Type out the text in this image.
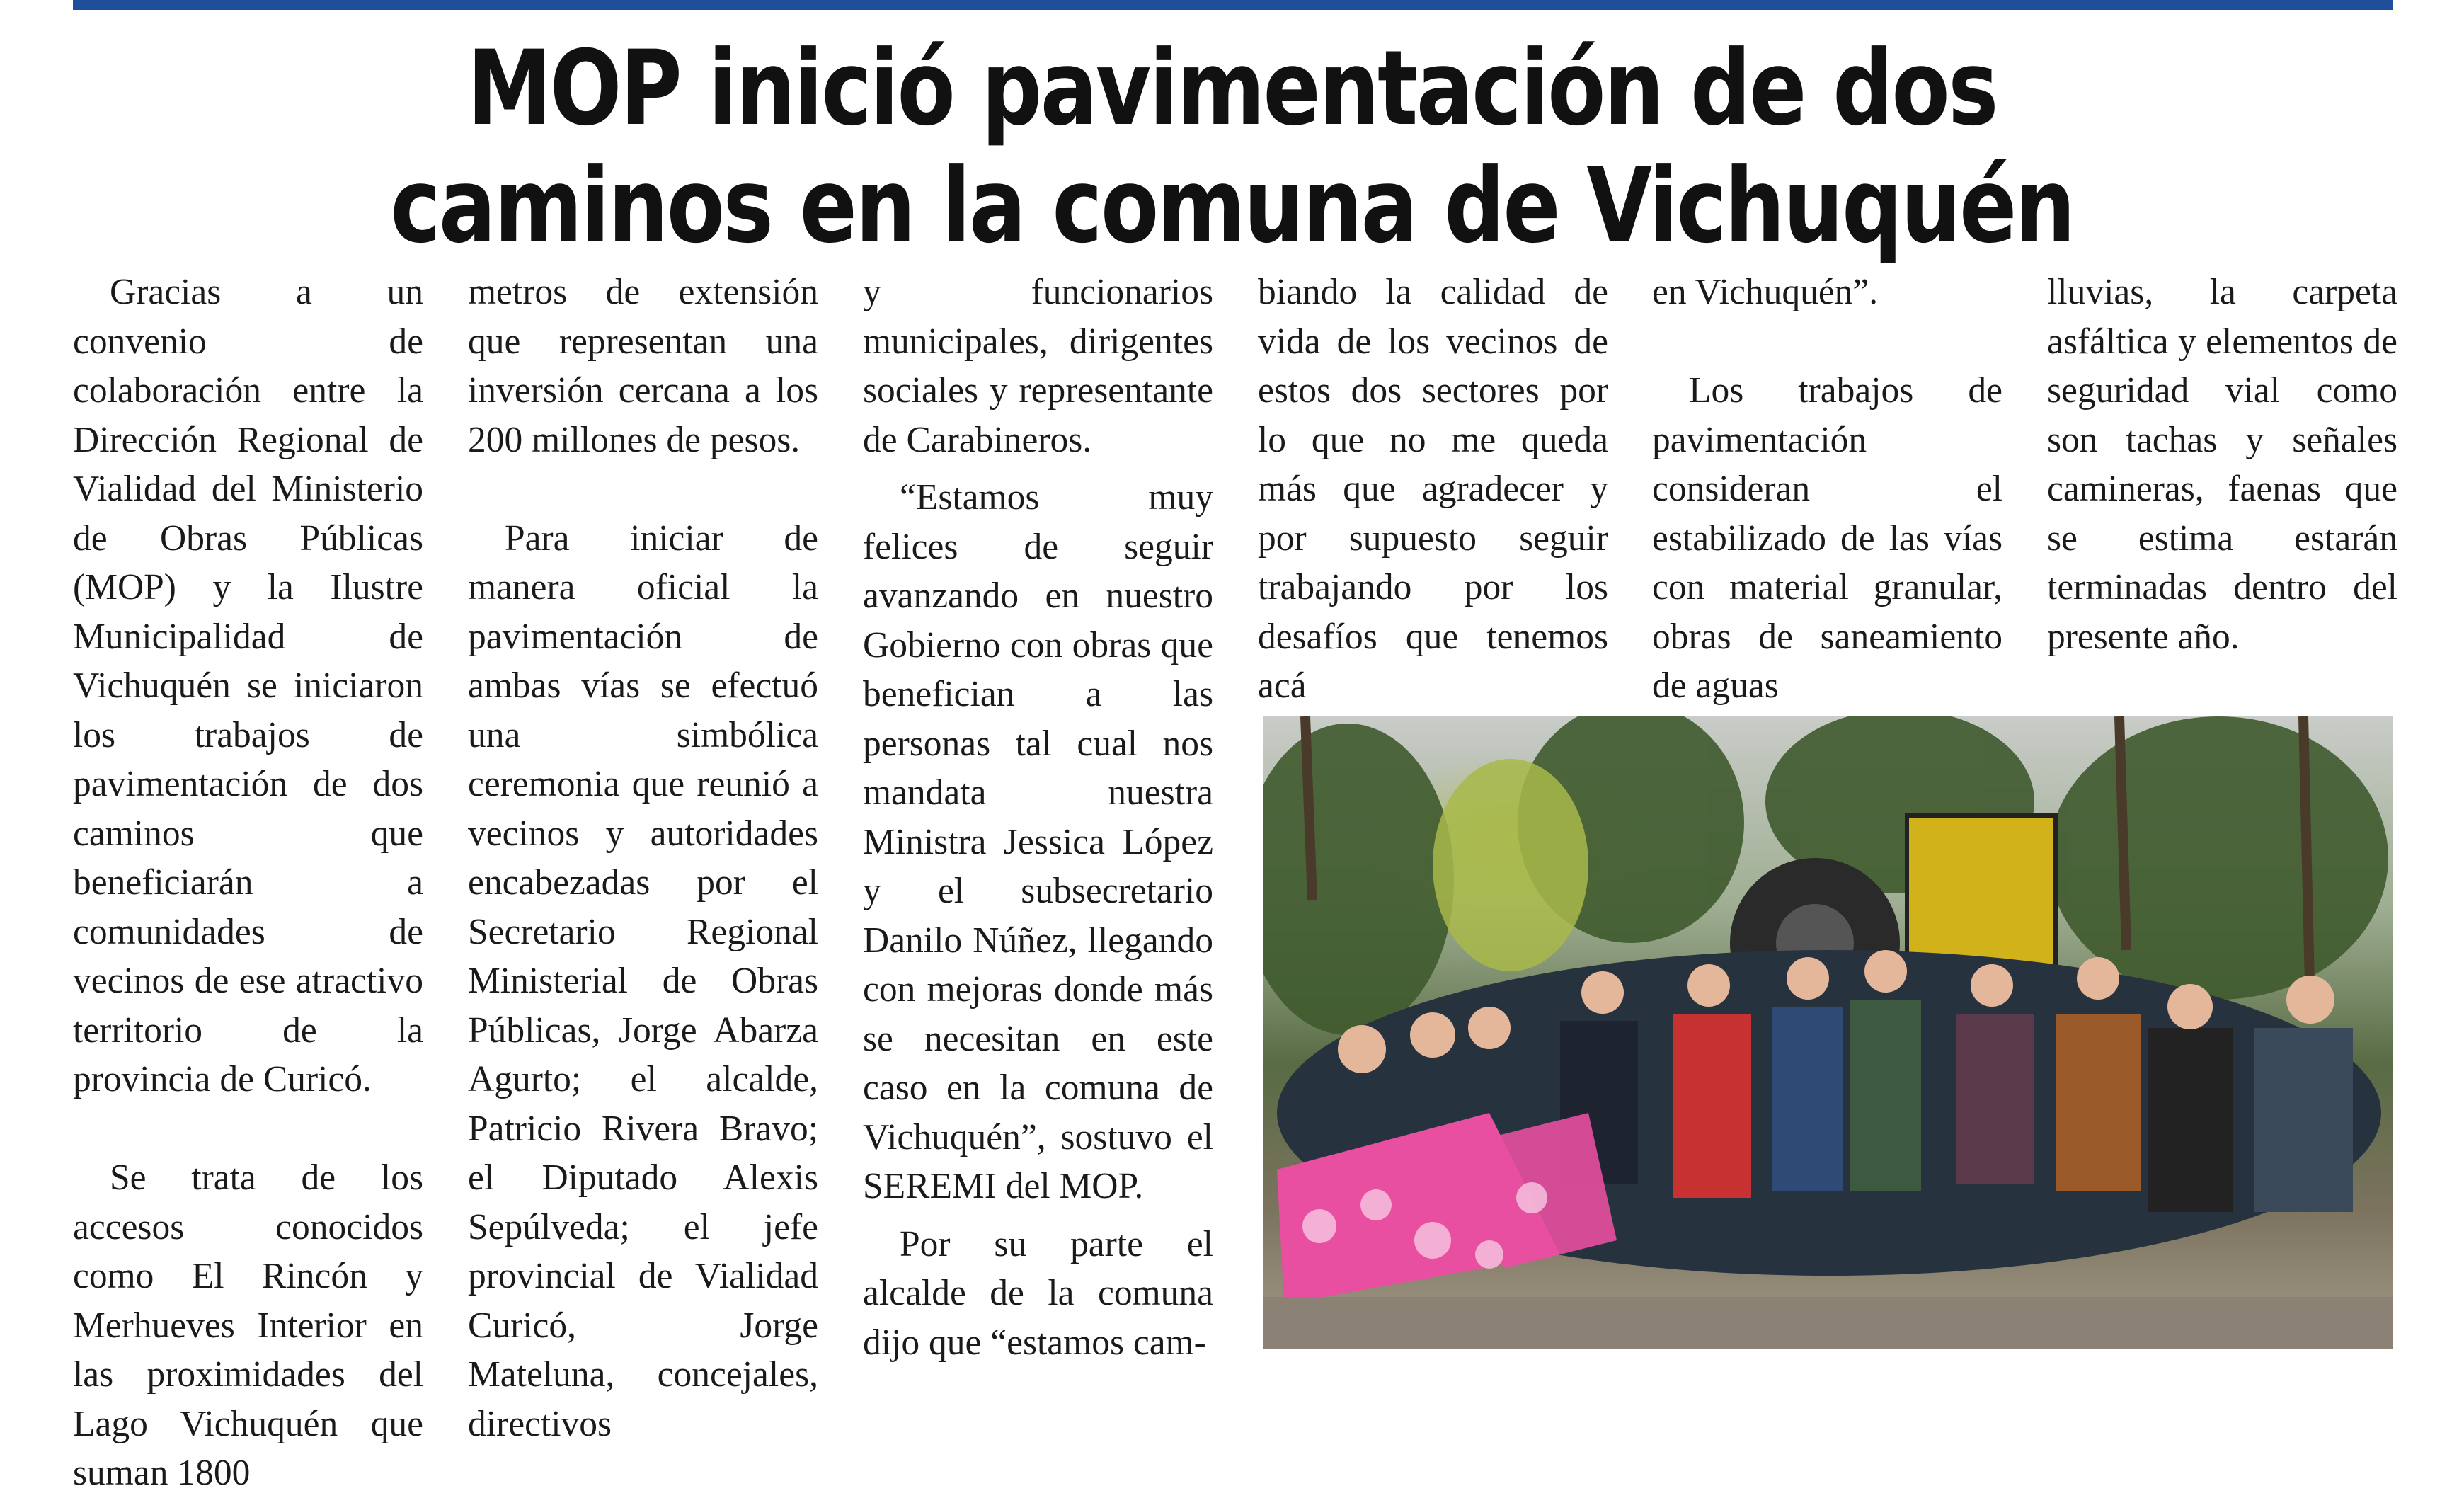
MOP inició pavimentación de dos
caminos en la comuna de Vichuquén

Gracias a un convenio de colaboración entre la Dirección Regional de Vialidad del Ministerio de Obras Públicas (MOP) y la Ilustre Municipalidad de Vichuquén se iniciaron los trabajos de pavimentación de dos caminos que beneficiarán a comunidades de vecinos de ese atractivo territorio de la provincia de Curicó.

Se trata de los accesos conocidos como El Rincón y Merhueves Interior en las proximidades del Lago Vichuquén que suman 1800

metros de extensión que representan una inversión cercana a los 200 millones de pesos.

Para iniciar de manera oficial la pavimentación de ambas vías se efectuó una simbólica ceremonia que reunió a vecinos y autoridades encabezadas por el Secretario Regional Ministerial de Obras Públicas, Jorge Abarza Agurto; el alcalde, Patricio Rivera Bravo; el Diputado Alexis Sepúlveda; el jefe provincial de Vialidad Curicó, Jorge Mateluna, concejales, directivos

y funcionarios municipales, dirigentes sociales y representante de Carabineros.

“Estamos muy felices de seguir avanzando en nuestro Gobierno con obras que benefician a las personas tal cual nos mandata nuestra Ministra Jessica López y el subsecretario Danilo Núñez, llegando con mejoras donde más se necesitan en este caso en la comuna de Vichuquén”, sostuvo el SEREMI del MOP.

Por su parte el alcalde de la comuna dijo que “estamos cam-

biando la calidad de vida de los vecinos de estos dos sectores por lo que no me queda más que agradecer y por supuesto seguir trabajando por los desafíos que tenemos acá

en Vichuquén”.

Los trabajos de pavimentación consideran el estabilizado de las vías con material granular, obras de saneamiento de aguas

lluvias, la carpeta asfáltica y elementos de seguridad vial como son tachas y señales camineras, faenas que se estima estarán terminadas dentro del presente año.
